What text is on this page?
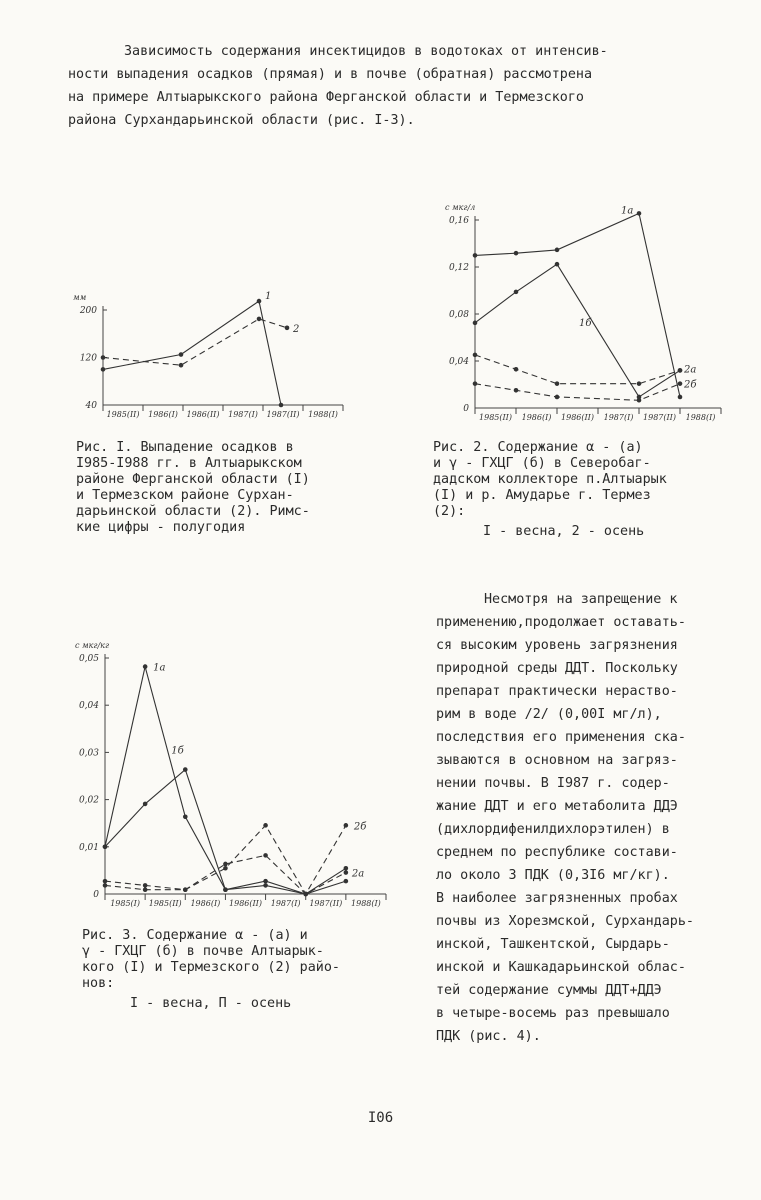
Зависимость содержания инсектицидов в водотоках от интенсив-
ности выпадения осадков (прямая) и в почве (обратная) рассмотрена
на примере Алтыарыкского района Ферганской области и Термезского
района Сурхандарьинской области (рис. I-3).
мм
200
120
40
1985(II) 1986(I) 1986(II) 1987(I) 1987(II) 1988(I)
1
2
Рис. I. Выпадение осадков в
I985-I988 гг. в Алтыарыкском
районе Ферганской области (I)
и Термезском районе Сурхан-
дарьинской области (2). Римс-
кие цифры - полугодия
с мкг/л
0,16
0,12
0,08
0,04
0
1985(II) 1986(I) 1986(II) 1987(I) 1987(II) 1988(I)
1а
1б
2а
2б
Рис. 2. Содержание α - (а)
и γ - ГХЦГ (б) в Северобаг-
дадском коллекторе п.Алтыарык
(I) и р. Амударье г. Термез
(2):
I - весна, 2 - осень
с мкг/кг
0,05
0,04
0,03
0,02
0,01
0
1985(I) 1985(II) 1986(I) 1986(II) 1987(I) 1987(II) 1988(I)
1а
1б
2а
2б
Рис. 3. Содержание α - (а) и
γ - ГХЦГ (б) в почве Алтыарык-
кого (I) и Термезского (2) райо-
нов:
I - весна, П - осень
Несмотря на запрещение к
применению,продолжает оставать-
ся высоким уровень загрязнения
природной среды ДДТ. Поскольку
препарат практически нераство-
рим в воде /2/ (0,00I мг/л),
последствия его применения ска-
зываются в основном на загряз-
нении почвы. В I987 г. содер-
жание ДДТ и его метаболита ДДЭ
(дихлордифенилдихлорэтилен) в
среднем по республике состави-
ло около 3 ПДК (0,3I6 мг/кг).
В наиболее загрязненных пробах
почвы из Хорезмской, Сурхандарь-
инской, Ташкентской, Сырдарь-
инской и Кашкадарьинской облас-
тей содержание суммы ДДТ+ДДЭ
в четыре-восемь раз превышало
ПДК (рис. 4).
I06
